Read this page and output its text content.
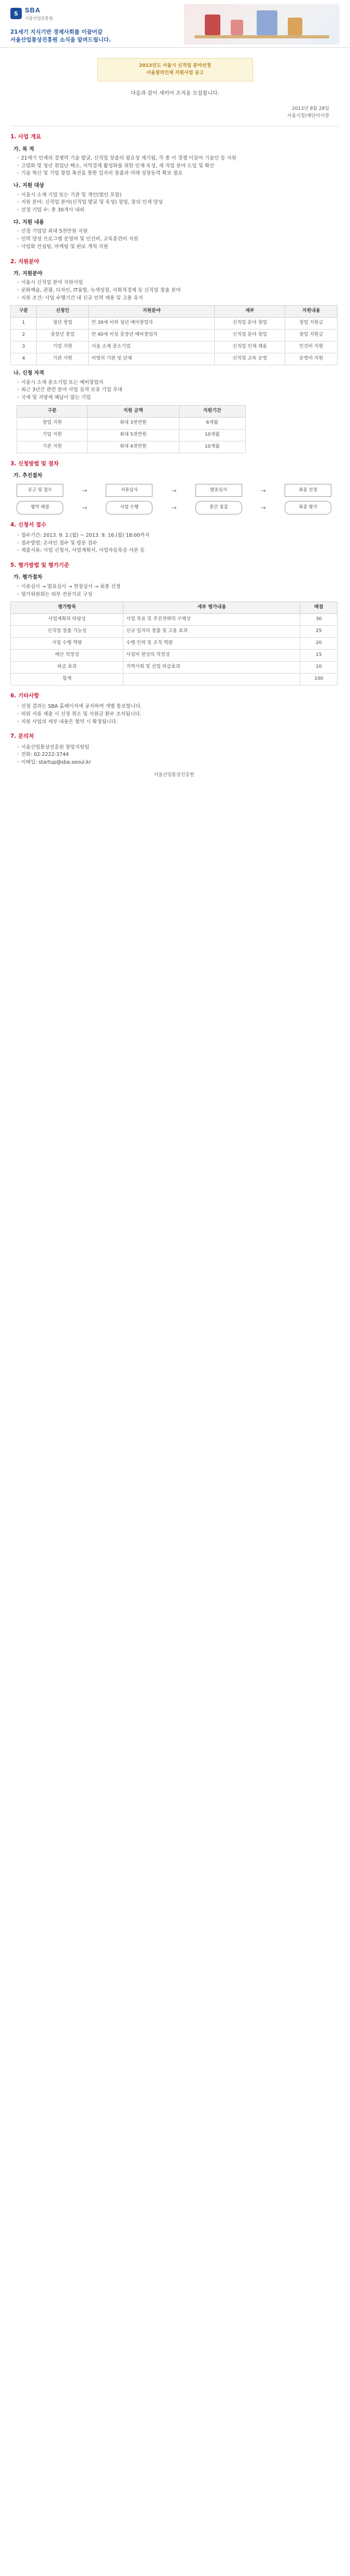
S	SBA
서울산업진흥원
21세기 지식기반 경제사회를 이끌어갈
서울산업통상진흥원 소식을 알려드립니다.

2013년도 서울시 신직업 분야선정

서울창의인재 지원사업 공고

다음과 같이 세미어 조직을 모집합니다.
2013년 8월 28일
서울시장/재단이사장
1. 사업 개요
가. 목 적
◦ 21세기 인재의 경쟁력 기술 발굴, 신직업 창출의 필요성 제기됨, 각 종 이 경쟁 이끌어 기술인 등 지원
◦ 고령화 및 청년 취업난 해소, 지역경제 활성화를 위한 인재 육성, 새 직업 분야 도입 및 확산
◦ 기술 혁신 및 기업 창업 촉진을 통한 일자리 창출과 미래 성장동력 확보 필요
나. 지원 대상
◦ 서울시 소재 기업 또는 기관 및 개인(법인 포함)
◦ 지원 분야: 신직업 분야(신직업 발굴 및 육성) 창업, 창의 인재 양성
◦ 선정 기업 수: 총 30개사 내외
다. 지원 내용
◦ 선정 기업당 최대 5천만원 지원
◦ 인력 양성 프로그램 운영비 및 인건비, 교육훈련비 지원
◦ 사업화 컨설팅, 마케팅 및 판로 개척 지원
2. 지원분야
가. 지원분야
◦ 서울시 신직업 분야 지원사업
◦ 문화예술, 관광, 디자인, IT융합, 녹색성장, 사회적경제 등 신직업 창출 분야
◦ 지원 조건: 사업 수행기간 내 신규 인력 채용 및 고용 유지
구분	신청인	지원분야	세부	지원내용
1	청년 창업	만 39세 이하 청년 예비창업자	신직업 분야 창업	창업 지원금
2	중장년 창업	만 40세 이상 중장년 예비창업자	신직업 분야 창업	창업 지원금
3	기업 지원	서울 소재 중소기업	신직업 인재 채용	인건비 지원
4	기관 지원	비영리 기관 및 단체	신직업 교육 운영	운영비 지원
나. 신청 자격
◦ 서울시 소재 중소기업 또는 예비창업자
◦ 최근 3년간 관련 분야 사업 실적 보유 기업 우대
◦ 국세 및 지방세 체납이 없는 기업
구분	지원 금액	지원기간
창업 지원	최대 3천만원	6개월
기업 지원	최대 5천만원	10개월
기관 지원	최대 4천만원	10개월
3. 신청방법 및 절차
가. 추진절차
공고 및 접수	→	서류심사	→	발표심사	→	최종 선정
협약 체결	→	사업 수행	→	중간 점검	→	최종 평가
4. 신청서 접수
◦ 접수기간: 2013. 9. 2.(월) ~ 2013. 9. 16.(월) 18:00까지
◦ 접수방법: 온라인 접수 및 방문 접수
◦ 제출서류: 사업 신청서, 사업계획서, 사업자등록증 사본 등
5. 평가방법 및 평가기준
가. 평가절차
◦ 서류심사 → 발표심사 → 현장실사 → 최종 선정
◦ 평가위원회는 외부 전문가로 구성
평가항목	세부 평가내용	배점
사업계획의 타당성	사업 목표 및 추진전략의 구체성	30
신직업 창출 가능성	신규 일자리 창출 및 고용 효과	25
사업 수행 역량	수행 인력 및 조직 역량	20
예산 적정성	사업비 편성의 적정성	15
파급 효과	지역사회 및 산업 파급효과	10
합계		100
6. 기타사항
◦ 선정 결과는 SBA 홈페이지에 공지하며 개별 통보합니다.
◦ 허위 서류 제출 시 선정 취소 및 지원금 환수 조치됩니다.
◦ 지원 사업의 세부 내용은 협약 시 확정됩니다.
7. 문의처
◦ 서울산업통상진흥원 창업지원팀
◦ 전화: 02-2222-3744
◦ 이메일: startup@sba.seoul.kr
서울산업통상진흥원
